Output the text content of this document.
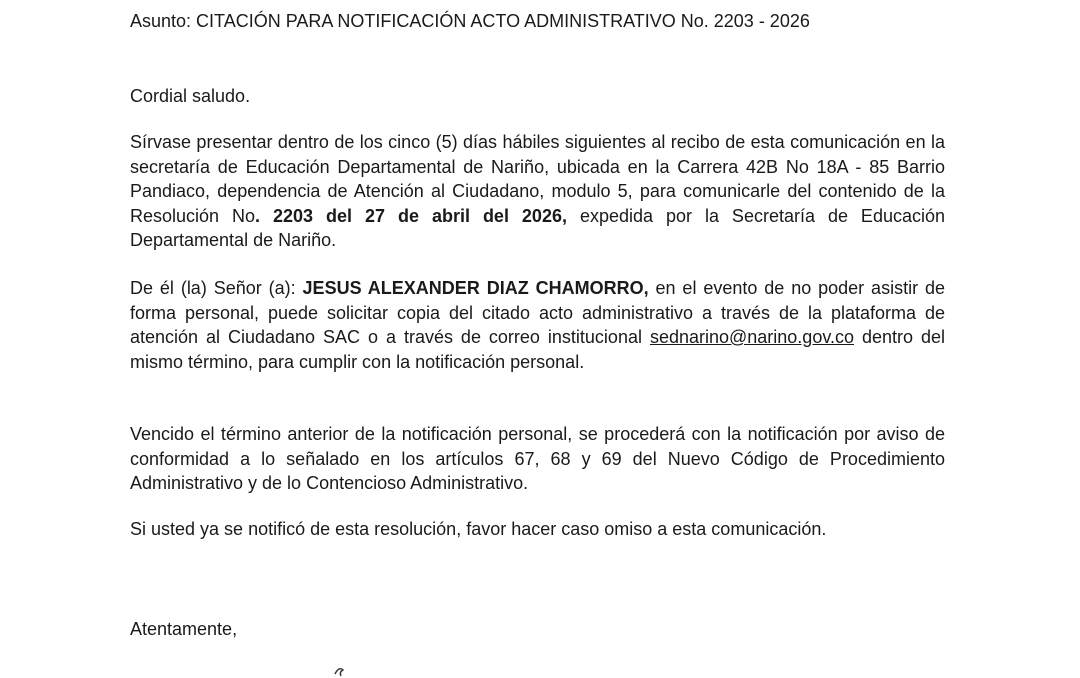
Asunto: CITACIÓN PARA NOTIFICACIÓN ACTO ADMINISTRATIVO No. 2203 - 2026
Cordial saludo.
Sírvase presentar dentro de los cinco (5) días hábiles siguientes al recibo de esta comunicación en la secretaría de Educación Departamental de Nariño, ubicada en la Carrera 42B No 18A - 85 Barrio Pandiaco, dependencia de Atención al Ciudadano, modulo 5, para comunicarle del contenido de la Resolución No. 2203 del 27 de abril del 2026, expedida por la Secretaría de Educación Departamental de Nariño.
De él (la) Señor (a): JESUS ALEXANDER DIAZ CHAMORRO, en el evento de no poder asistir de forma personal, puede solicitar copia del citado acto administrativo a través de la plataforma de atención al Ciudadano SAC o a través de correo institucional sednarino@narino.gov.co dentro del mismo término, para cumplir con la notificación personal.
Vencido el término anterior de la notificación personal, se procederá con la notificación por aviso de conformidad a lo señalado en los artículos 67, 68 y 69 del Nuevo Código de Procedimiento Administrativo y de lo Contencioso Administrativo.
Si usted ya se notificó de esta resolución, favor hacer caso omiso a esta comunicación.
Atentamente,
